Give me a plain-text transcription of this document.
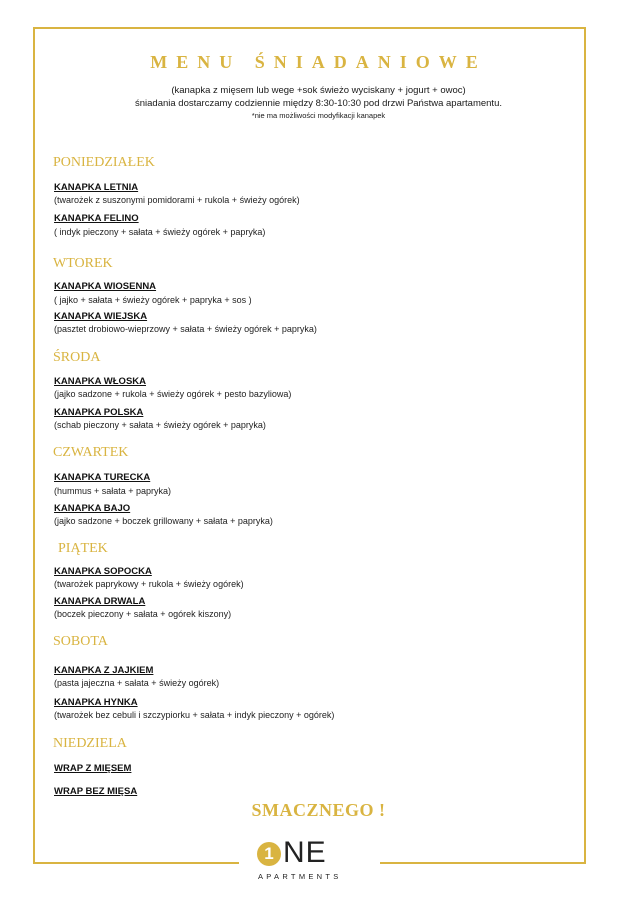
MENU ŚNIADANIOWE
(kanapka z mięsem lub wege +sok świeżo wyciskany + jogurt + owoc)
śniadania dostarczamy codziennie między 8:30-10:30 pod drzwi Państwa apartamentu.
*nie ma możliwości modyfikacji kanapek
PONIEDZIAŁEK
KANAPKA LETNIA
(twarożek z suszonymi pomidorami + rukola + świeży ogórek)
KANAPKA FELINO
( indyk pieczony + sałata + świeży ogórek + papryka)
WTOREK
KANAPKA WIOSENNA
( jajko + sałata + świeży ogórek + papryka + sos )
KANAPKA WIEJSKA
(pasztet drobiowo-wieprzowy + sałata + świeży ogórek + papryka)
ŚRODA
KANAPKA WŁOSKA
(jajko sadzone + rukola + świeży ogórek + pesto bazyliowa)
KANAPKA POLSKA
(schab pieczony + sałata + świeży ogórek + papryka)
CZWARTEK
KANAPKA TURECKA
(hummus + sałata + papryka)
KANAPKA BAJO
(jajko sadzone + boczek grillowany + sałata + papryka)
PIĄTEK
KANAPKA SOPOCKA
(twarożek paprykowy + rukola + świeży ogórek)
KANAPKA DRWALA
(boczek pieczony + sałata + ogórek kiszony)
SOBOTA
KANAPKA Z JAJKIEM
(pasta jajeczna + sałata + świeży ogórek)
KANAPKA HYNKA
(twarożek bez cebuli i szczypiorku + sałata + indyk pieczony + ogórek)
NIEDZIELA
WRAP Z MIĘSEM
WRAP BEZ MIĘSA
SMACZNEGO !
1 NE
APARTMENTS
